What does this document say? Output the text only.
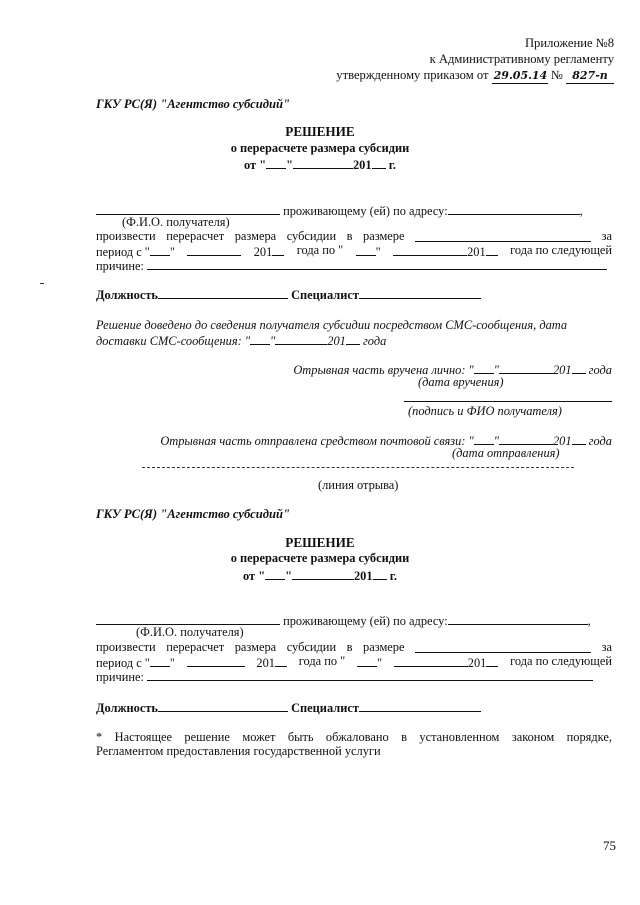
Приложение №8
к Административному регламенту
утвержденному приказом от 29.05.14 № 827-п
ГКУ РС(Я) "Агентство субсидий"
РЕШЕНИЕ
о перерасчете размера субсидии
от " "	201 г.
проживающему (ей) по адресу:	,
(Ф.И.О. получателя)
произвести перерасчет размера субсидии в размере	за
период с " "	201	года по "	"	201	года по следующей
причине:
Должность	Специалист
Решение доведено до сведения получателя субсидии посредством СМС-сообщения, дата
доставки СМС-сообщения: " "	201 года
Отрывная часть вручена лично: " "	201 года
(дата вручения)
(подпись и ФИО получателя)
Отрывная часть отправлена средством почтовой связи: " "	201 года
(дата отправления)
(линия отрыва)
ГКУ РС(Я) "Агентство субсидий"
РЕШЕНИЕ
о перерасчете размера субсидии
от " "	201 г.
проживающему (ей) по адресу:	,
(Ф.И.О. получателя)
произвести перерасчет размера субсидии в размере	за
период с " "	201	года по "	"	201	года по следующей
причине:
Должность	Специалист
* Настоящее решение может быть обжаловано в установленном законом порядке,
Регламентом предоставления государственной услуги
75
